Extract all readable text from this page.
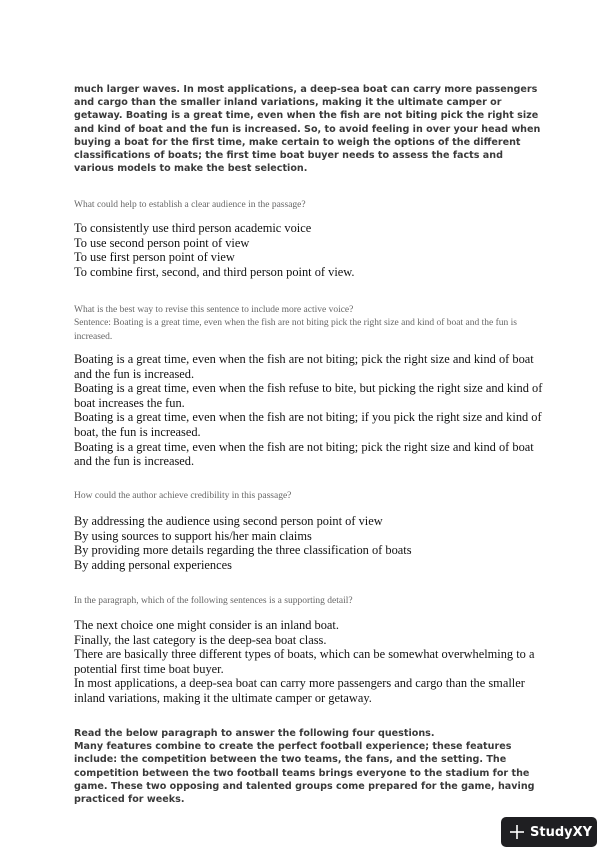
much larger waves. In most applications, a deep-sea boat can carry more passengers and cargo than the smaller inland variations, making it the ultimate camper or getaway. Boating is a great time, even when the fish are not biting pick the right size and kind of boat and the fun is increased. So, to avoid feeling in over your head when buying a boat for the first time, make certain to weigh the options of the different classifications of boats; the first time boat buyer needs to assess the facts and various models to make the best selection.
What could help to establish a clear audience in the passage?
To consistently use third person academic voice
To use second person point of view
To use first person point of view
To combine first, second, and third person point of view.
What is the best way to revise this sentence to include more active voice?
Sentence: Boating is a great time, even when the fish are not biting pick the right size and kind of boat and the fun is increased.
Boating is a great time, even when the fish are not biting; pick the right size and kind of boat and the fun is increased.
Boating is a great time, even when the fish refuse to bite, but picking the right size and kind of boat increases the fun.
Boating is a great time, even when the fish are not biting; if you pick the right size and kind of boat, the fun is increased.
Boating is a great time, even when the fish are not biting; pick the right size and kind of boat and the fun is increased.
How could the author achieve credibility in this passage?
By addressing the audience using second person point of view
By using sources to support his/her main claims
By providing more details regarding the three classification of boats
By adding personal experiences
In the paragraph, which of the following sentences is a supporting detail?
The next choice one might consider is an inland boat.
Finally, the last category is the deep-sea boat class.
There are basically three different types of boats, which can be somewhat overwhelming to a potential first time boat buyer.
In most applications, a deep-sea boat can carry more passengers and cargo than the smaller inland variations, making it the ultimate camper or getaway.
Read the below paragraph to answer the following four questions.
Many features combine to create the perfect football experience; these features include: the competition between the two teams, the fans, and the setting. The competition between the two football teams brings everyone to the stadium for the game. These two opposing and talented groups come prepared for the game, having practiced for weeks.
StudyXY
